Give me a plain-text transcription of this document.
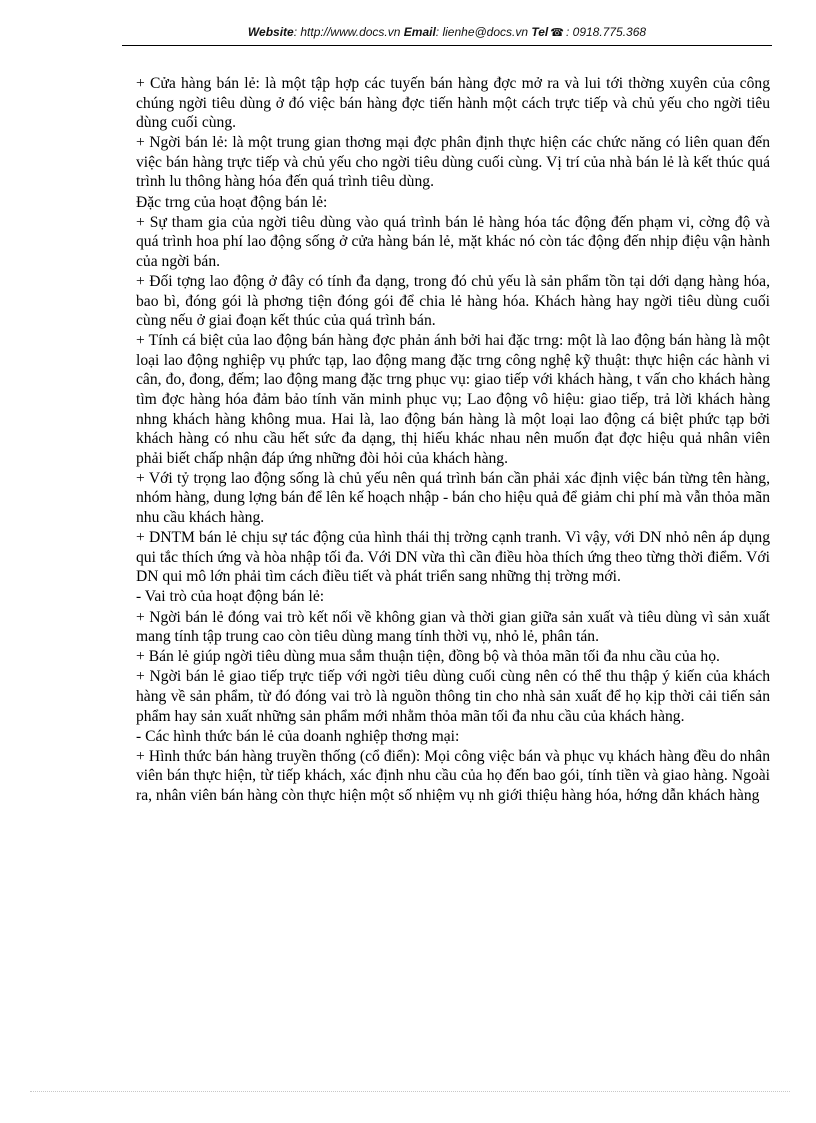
Website: http://www.docs.vn Email: lienhe@docs.vn Tel ☎ : 0918.775.368

+ Cửa hàng bán lẻ: là một tập hợp các tuyến bán hàng đợc mở ra và lui tới thờng xuyên của công chúng ngời tiêu dùng ở đó việc bán hàng đợc tiến hành một cách trực tiếp và chủ yếu cho ngời tiêu dùng cuối cùng.

+ Ngời bán lẻ: là một trung gian thơng mại đợc phân định thực hiện các chức năng có liên quan đến việc bán hàng trực tiếp và chủ yếu cho ngời tiêu dùng cuối cùng. Vị trí của nhà bán lẻ là kết thúc quá trình lu thông hàng hóa đến quá trình tiêu dùng.

Đặc trng của hoạt động bán lẻ:

+ Sự tham gia của ngời tiêu dùng vào quá trình bán lẻ hàng hóa tác động đến phạm vi, cờng độ và quá trình hoa phí lao động sống ở cửa hàng bán lẻ, mặt khác nó còn tác động đến nhịp điệu vận hành của ngời bán.

+ Đối tợng lao động ở đây có tính đa dạng, trong đó chủ yếu là sản phẩm tồn tại dới dạng hàng hóa, bao bì, đóng gói là phơng tiện đóng gói để chia lẻ hàng hóa. Khách hàng hay ngời tiêu dùng cuối cùng nếu ở giai đoạn kết thúc của quá trình bán.

+ Tính cá biệt của lao động bán hàng đợc phản ánh bởi hai đặc trng: một là lao động bán hàng là một loại lao động nghiệp vụ phức tạp, lao động mang đặc trng công nghệ kỹ thuật: thực hiện các hành vi cân, đo, đong, đếm; lao động mang đặc trng phục vụ: giao tiếp với khách hàng, t vấn cho khách hàng tìm đợc hàng hóa đảm bảo tính văn minh phục vụ; Lao động vô hiệu: giao tiếp, trả lời khách hàng nhng khách hàng không mua. Hai là, lao động bán hàng là một loại lao động cá biệt phức tạp bởi khách hàng có nhu cầu hết sức đa dạng, thị hiếu khác nhau nên muốn đạt đợc hiệu quả nhân viên phải biết chấp nhận đáp ứng những đòi hỏi của khách hàng.

+ Với tỷ trọng lao động sống là chủ yếu nên quá trình bán cần phải xác định việc bán từng tên hàng, nhóm hàng, dung lợng bán để lên kế hoạch nhập - bán cho hiệu quả để giảm chi phí mà vẫn thỏa mãn nhu cầu khách hàng.

+ DNTM bán lẻ chịu sự tác động của hình thái thị trờng cạnh tranh. Vì vậy, với DN nhỏ nên áp dụng qui tắc thích ứng và hòa nhập tối đa. Với DN vừa thì cần điều hòa thích ứng theo từng thời điểm. Với DN qui mô lớn phải tìm cách điều tiết và phát triển sang những thị trờng mới.

- Vai trò của hoạt động bán lẻ:

+ Ngời bán lẻ đóng vai trò kết nối về không gian và thời gian giữa sản xuất và tiêu dùng vì sản xuất mang tính tập trung cao còn tiêu dùng mang tính thời vụ, nhỏ lẻ, phân tán.

+ Bán lẻ giúp ngời tiêu dùng mua sắm thuận tiện, đồng bộ và thỏa mãn tối đa nhu cầu của họ.

+ Ngời bán lẻ giao tiếp trực tiếp với ngời tiêu dùng cuối cùng nên có thể thu thập ý kiến của khách hàng về sản phẩm, từ đó đóng vai trò là nguồn thông tin cho nhà sản xuất để họ kịp thời cải tiến sản phẩm hay sản xuất những sản phẩm mới nhằm thỏa mãn tối đa nhu cầu của khách hàng.

- Các hình thức bán lẻ của doanh nghiệp thơng mại:

+ Hình thức bán hàng truyền thống (cổ điển): Mọi công việc bán và phục vụ khách hàng đều do nhân viên bán thực hiện, từ tiếp khách, xác định nhu cầu của họ đến bao gói, tính tiền và giao hàng. Ngoài ra, nhân viên bán hàng còn thực hiện một số nhiệm vụ nh giới thiệu hàng hóa, hớng dẫn khách hàng
